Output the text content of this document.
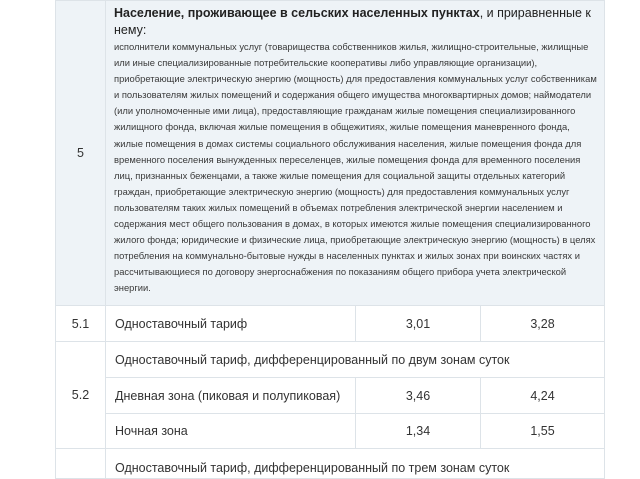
5	Население, проживающее в сельских населенных пунктах, и приравненные к нему:
исполнители коммунальных услуг (товарищества собственников жилья, жилищно-строительные, жилищные или иные специализированные потребительские кооперативы либо управляющие организации), приобретающие электрическую энергию (мощность) для предоставления коммунальных услуг собственникам и пользователям жилых помещений и содержания общего имущества многоквартирных домов; наймодатели (или уполномоченные ими лица), предоставляющие гражданам жилые помещения специализированного жилищного фонда, включая жилые помещения в общежитиях, жилые помещения маневренного фонда, жилые помещения в домах системы социального обслуживания населения, жилые помещения фонда для временного поселения вынужденных переселенцев, жилые помещения фонда для временного поселения лиц, признанных беженцами, а также жилые помещения для социальной защиты отдельных категорий граждан, приобретающие электрическую энергию (мощность) для предоставления коммунальных услуг пользователям таких жилых помещений в объемах потребления электрической энергии населением и содержания мест общего пользования в домах, в которых имеются жилые помещения специализированного жилого фонда; юридические и физические лица, приобретающие электрическую энергию (мощность) в целях потребления на коммунально-бытовые нужды в населенных пунктах и жилых зонах при воинских частях и рассчитывающиеся по договору энергоснабжения по показаниям общего прибора учета электрической энергии.		

5.1	Одноставочный тариф	3,01	3,28
5.2	Одноставочный тариф, дифференцированный по двум зонам суток		
	Дневная зона (пиковая и полупиковая)	3,46	4,24
	Ночная зона	1,34	1,55
	Одноставочный тариф, дифференцированный по трем зонам суток		
